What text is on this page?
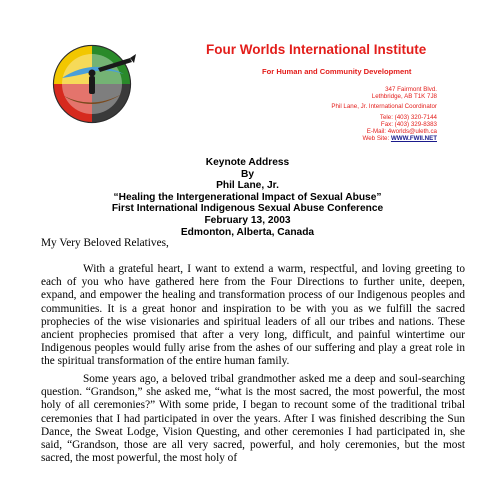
Four Worlds International Institute
For Human and Community Development
347 Fairmont Blvd.
Lethbridge, AB T1K 7J8
Phil Lane, Jr. International Coordinator
Tele: (403) 320-7144
Fax: (403) 329-8383
E-Mail: 4worlds@uleth.ca
Web Site: WWW.FWII.NET
Keynote Address
By
Phil Lane, Jr.
“Healing the Intergenerational Impact of Sexual Abuse”
First International Indigenous Sexual Abuse Conference
February 13, 2003
Edmonton, Alberta, Canada
My Very Beloved Relatives,
With a grateful heart, I want to extend a warm, respectful, and loving greeting to each of you who have gathered here from the Four Directions to further unite, deepen, expand, and empower the healing and transformation process of our Indigenous peoples and communities. It is a great honor and inspiration to be with you as we fulfill the sacred prophecies of the wise visionaries and spiritual leaders of all our tribes and nations. These ancient prophecies promised that after a very long, difficult, and painful wintertime our Indigenous peoples would fully arise from the ashes of our suffering and play a great role in the spiritual transformation of the entire human family.
Some years ago, a beloved tribal grandmother asked me a deep and soul-searching question. “Grandson,” she asked me, “what is the most sacred, the most powerful, the most holy of all ceremonies?” With some pride, I began to recount some of the traditional tribal ceremonies that I had participated in over the years. After I was finished describing the Sun Dance, the Sweat Lodge, Vision Questing, and other ceremonies I had participated in, she said, “Grandson, those are all very sacred, powerful, and holy ceremonies, but the most sacred, the most powerful, the most holy of
